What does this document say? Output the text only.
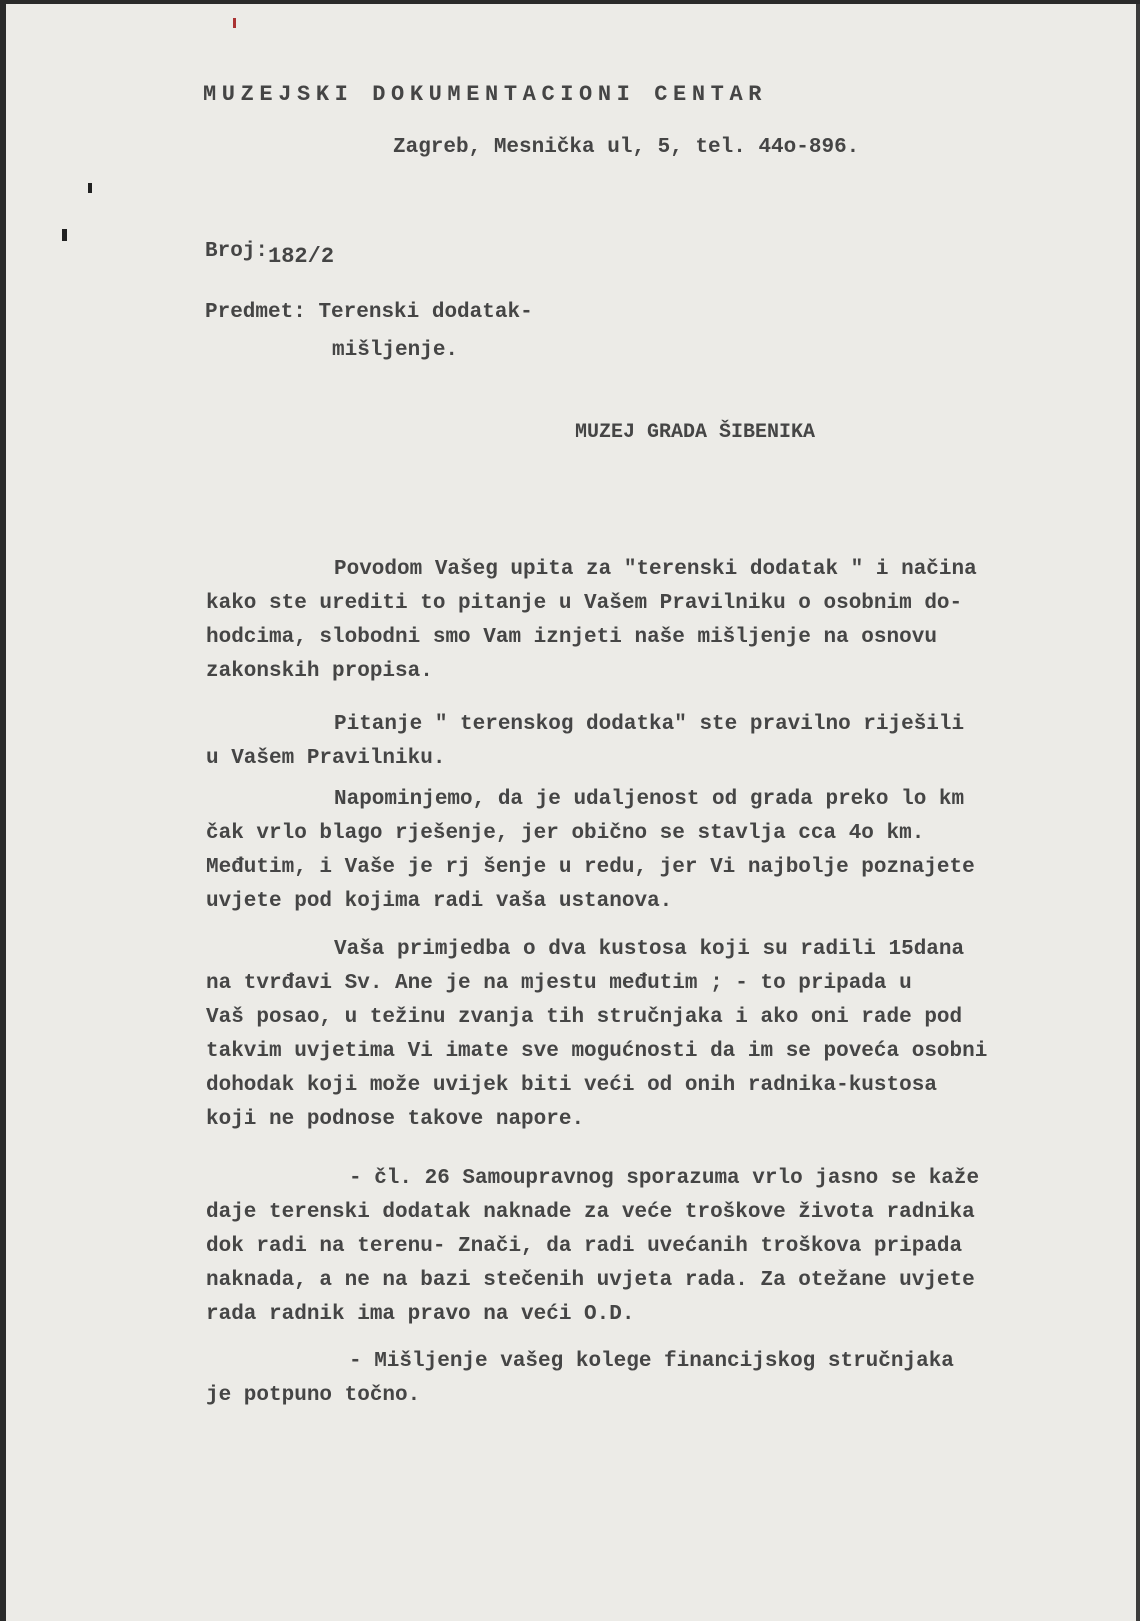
MUZEJSKI DOKUMENTACIONI CENTAR

Zagreb, Mesnička ul, 5, tel. 44o-896.

Broj:182/2

Predmet: Terenski dodatak-

mišljenje.

MUZEJ GRADA ŠIBENIKA

Povodom Vašeg upita za "terenski dodatak " i načina
kako ste urediti to pitanje u Vašem Pravilniku o osobnim do-
hodcima, slobodni smo Vam iznjeti naše mišljenje na osnovu
zakonskih propisa.
Pitanje " terenskog dodatka" ste pravilno riješili
u Vašem Pravilniku.
Napominjemo, da je udaljenost od grada preko lo km
čak vrlo blago rješenje, jer obično se stavlja cca 4o km.
Međutim, i Vaše je rj šenje u redu, jer Vi najbolje poznajete
uvjete pod kojima radi vaša ustanova.
Vaša primjedba o dva kustosa koji su radili 15dana
na tvrđavi Sv. Ane je na mjestu međutim ; - to pripada u
Vaš posao, u težinu zvanja tih stručnjaka i ako oni rade pod
takvim uvjetima Vi imate sve mogućnosti da im se poveća osobni
dohodak koji može uvijek biti veći od onih radnika-kustosa
koji ne podnose takove napore.
- čl. 26 Samoupravnog sporazuma vrlo jasno se kaže
daje terenski dodatak naknade za veće troškove života radnika
dok radi na terenu- Znači, da radi uvećanih troškova pripada
naknada, a ne na bazi stečenih uvjeta rada. Za otežane uvjete
rada radnik ima pravo na veći O.D.
- Mišljenje vašeg kolege financijskog stručnjaka
je potpuno točno.
